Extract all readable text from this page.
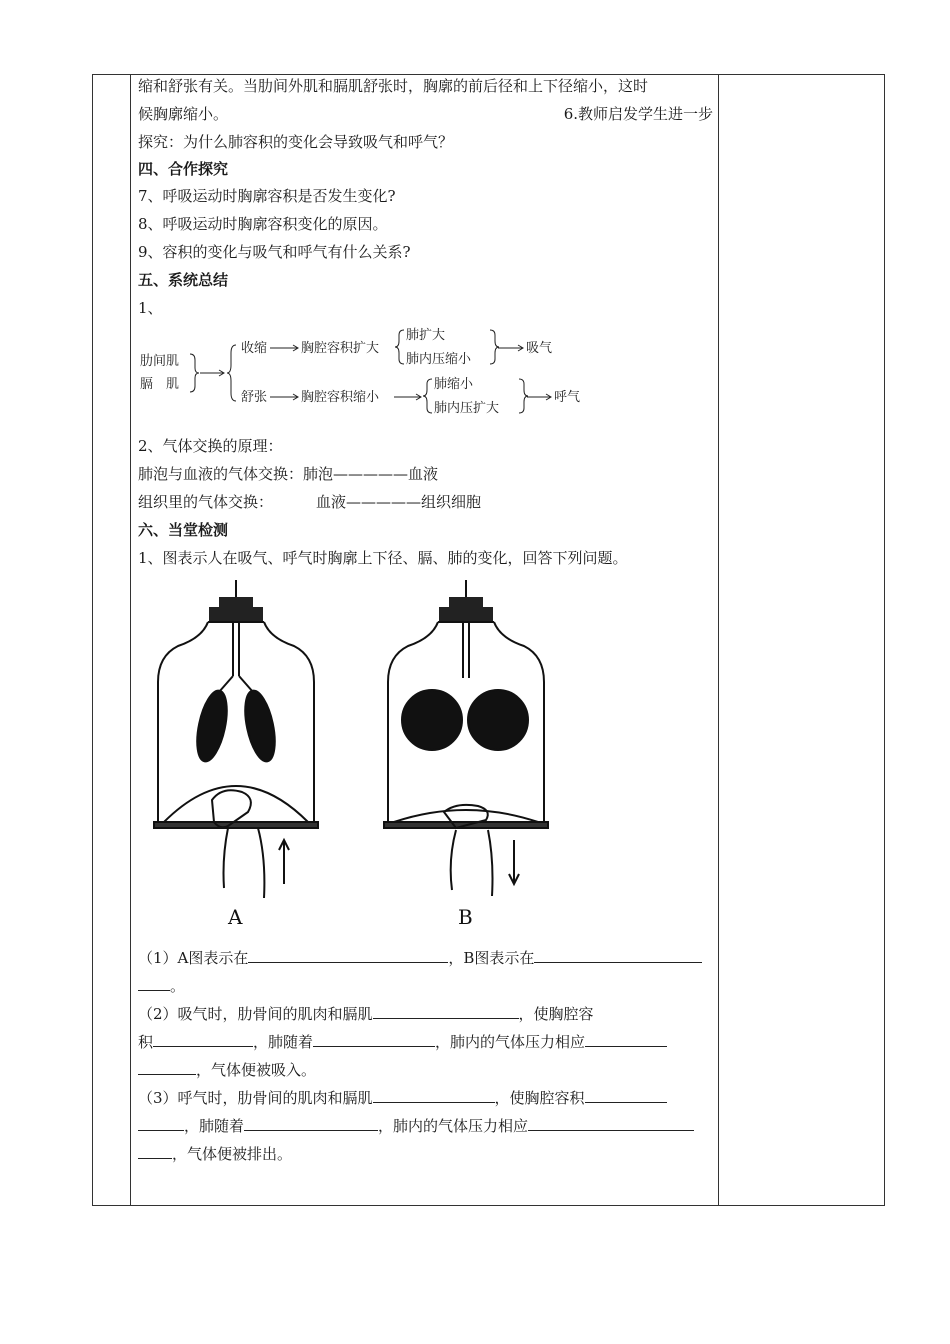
缩和舒张有关。当肋间外肌和膈肌舒张时，胸廓的前后径和上下径缩小，这时
候胸廓缩小。	6.教师启发学生进一步
探究：为什么肺容积的变化会导致吸气和呼气？
四、合作探究
7、呼吸运动时胸廓容积是否发生变化?
8、呼吸运动时胸廓容积变化的原因。
9、容积的变化与吸气和呼气有什么关系?
五、系统总结
1、
肋间肌
膈　肌
收缩
舒张
胸腔容积扩大
胸腔容积缩小
肺扩大
肺内压缩小
肺缩小
肺内压扩大
吸气
呼气
2、气体交换的原理：
肺泡与血液的气体交换：肺泡—————血液
组织里的气体交换：	血液—————组织细胞
六、当堂检测
1、图表示人在吸气、呼气时胸廓上下径、膈、肺的变化，回答下列问题。
A	B
（1）A图表示在	，B图表示在
。
（2）吸气时，肋骨间的肌肉和膈肌	，使胸腔容
积	，肺随着	，肺内的气体压力相应
，气体便被吸入。
（3）呼气时，肋骨间的肌肉和膈肌	，使胸腔容积
，肺随着	，肺内的气体压力相应
，气体便被排出。
